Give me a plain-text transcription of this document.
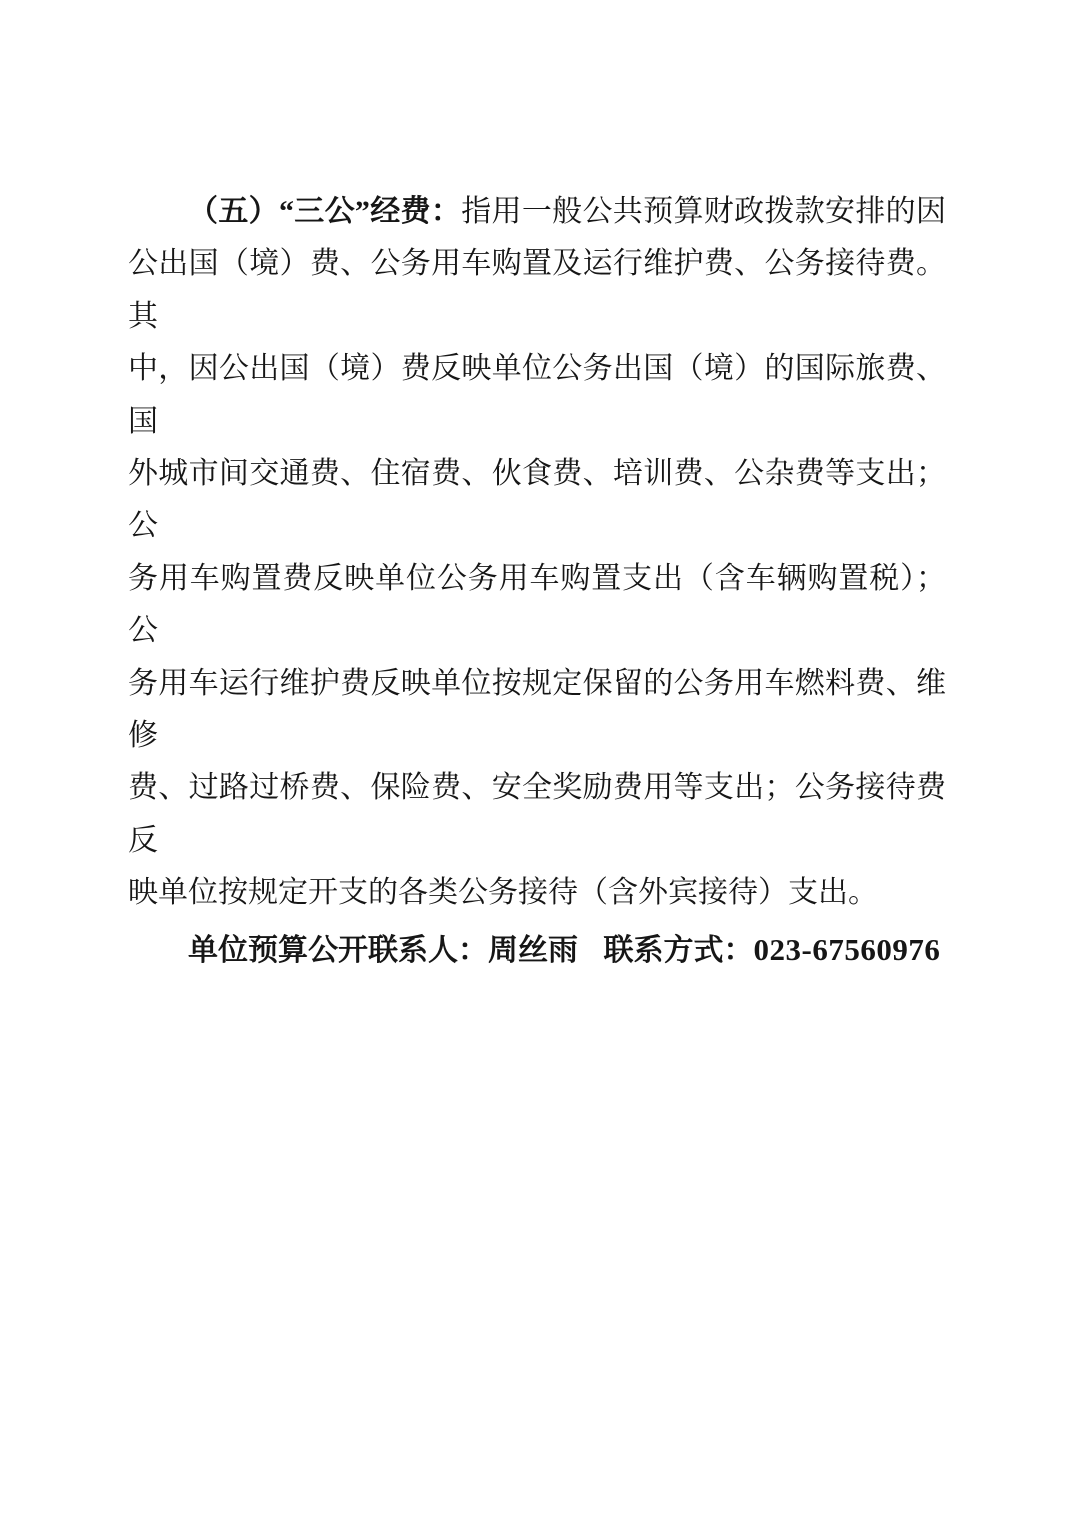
（五）“三公”经费：指用一般公共预算财政拨款安排的因
公出国（境）费、公务用车购置及运行维护费、公务接待费。其
中，因公出国（境）费反映单位公务出国（境）的国际旅费、国
外城市间交通费、住宿费、伙食费、培训费、公杂费等支出；公
务用车购置费反映单位公务用车购置支出（含车辆购置税）；公
务用车运行维护费反映单位按规定保留的公务用车燃料费、维修
费、过路过桥费、保险费、安全奖励费用等支出；公务接待费反
映单位按规定开支的各类公务接待（含外宾接待）支出。
单位预算公开联系人：周丝雨 联系方式：023-67560976
